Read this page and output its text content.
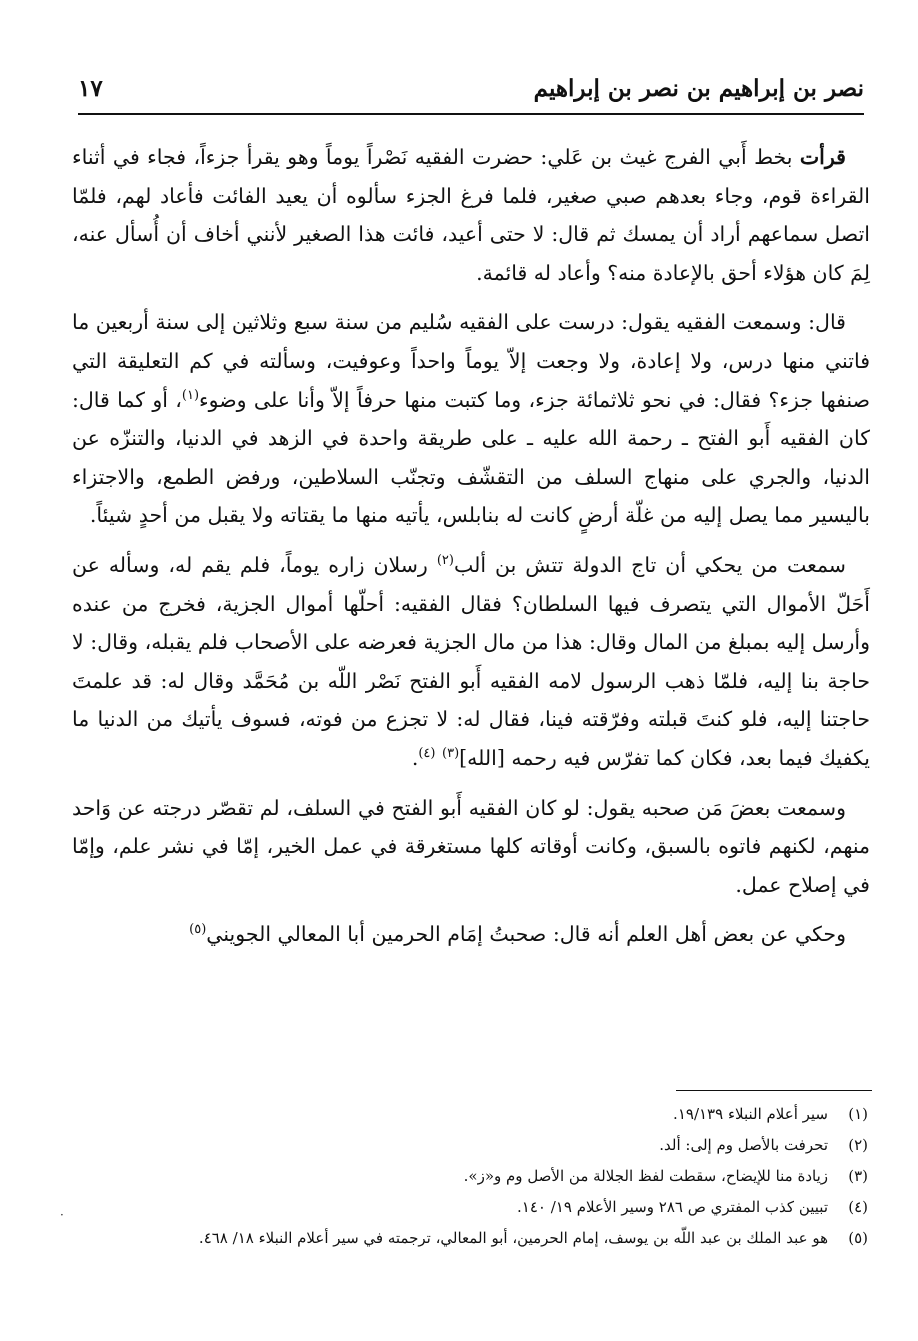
نصر بن إبراهيم بن نصر بن إبراهيم
١٧

قرأت بخط أَبي الفرج غيث بن عَلي: حضرت الفقيه نَصْراً يوماً وهو يقرأ جزءاً، فجاء في أثناء القراءة قوم، وجاء بعدهم صبي صغير، فلما فرغ الجزء سألوه أن يعيد الفائت فأعاد لهم، فلمّا اتصل سماعهم أراد أن يمسك ثم قال: لا حتى أعيد، فائت هذا الصغير لأنني أخاف أن أُسأل عنه، لِمَ كان هؤلاء أحق بالإعادة منه؟ وأعاد له قائمة.

قال: وسمعت الفقيه يقول: درست على الفقيه سُليم من سنة سبع وثلاثين إلى سنة أربعين ما فاتني منها درس، ولا إعادة، ولا وجعت إلاّ يوماً واحداً وعوفيت، وسألته في كم التعليقة التي صنفها جزء؟ فقال: في نحو ثلاثمائة جزء، وما كتبت منها حرفاً إلاّ وأنا على وضوء$^{(١)}$، أو كما قال: كان الفقيه أَبو الفتح ـ رحمة الله عليه ـ على طريقة واحدة في الزهد في الدنيا، والتنزّه عن الدنيا، والجري على منهاج السلف من التقشّف وتجنّب السلاطين، ورفض الطمع، والاجتزاء باليسير مما يصل إليه من غلّة أرضٍ كانت له بنابلس، يأتيه منها ما يقتاته ولا يقبل من أحدٍ شيئاً.

سمعت من يحكي أن تاج الدولة تتش بن ألب$^{(٢)}$ رسلان زاره يوماً، فلم يقم له، وسأله عن أَحَلّ الأموال التي يتصرف فيها السلطان؟ فقال الفقيه: أحلّها أموال الجزية، فخرج من عنده وأرسل إليه بمبلغ من المال وقال: هذا من مال الجزية فعرضه على الأصحاب فلم يقبله، وقال: لا حاجة بنا إليه، فلمّا ذهب الرسول لامه الفقيه أَبو الفتح نَصْر اللّه بن مُحَمَّد وقال له: قد علمتَ حاجتنا إليه، فلو كنتَ قبلته وفرّقته فينا، فقال له: لا تجزع من فوته، فسوف يأتيك من الدنيا ما يكفيك فيما بعد، فكان كما تفرّس فيه رحمه [الله]$^{(٣)}$ $^{(٤)}$.

وسمعت بعضَ مَن صحبه يقول: لو كان الفقيه أَبو الفتح في السلف، لم تقصّر درجته عن وَاحد منهم، لكنهم فاتوه بالسبق، وكانت أوقاته كلها مستغرقة في عمل الخير، إمّا في نشر علم، وإمّا في إصلاح عمل.

وحكي عن بعض أهل العلم أنه قال: صحبتُ إمَام الحرمين أبا المعالي الجويني$^{(٥)}$

(١)
سير أعلام النبلاء ١٩/١٣٩.
(٢)
تحرفت بالأصل وم إلى: ألد.
(٣)
زيادة منا للإيضاح، سقطت لفظ الجلالة من الأصل وم و«ز».
(٤)
تبيين كذب المفتري ص ٢٨٦ وسير الأعلام ١٩/ ١٤٠.
(٥)
هو عبد الملك بن عبد اللّه بن يوسف، إمام الحرمين، أبو المعالي، ترجمته في سير أعلام النبلاء ١٨/ ٤٦٨.
·
